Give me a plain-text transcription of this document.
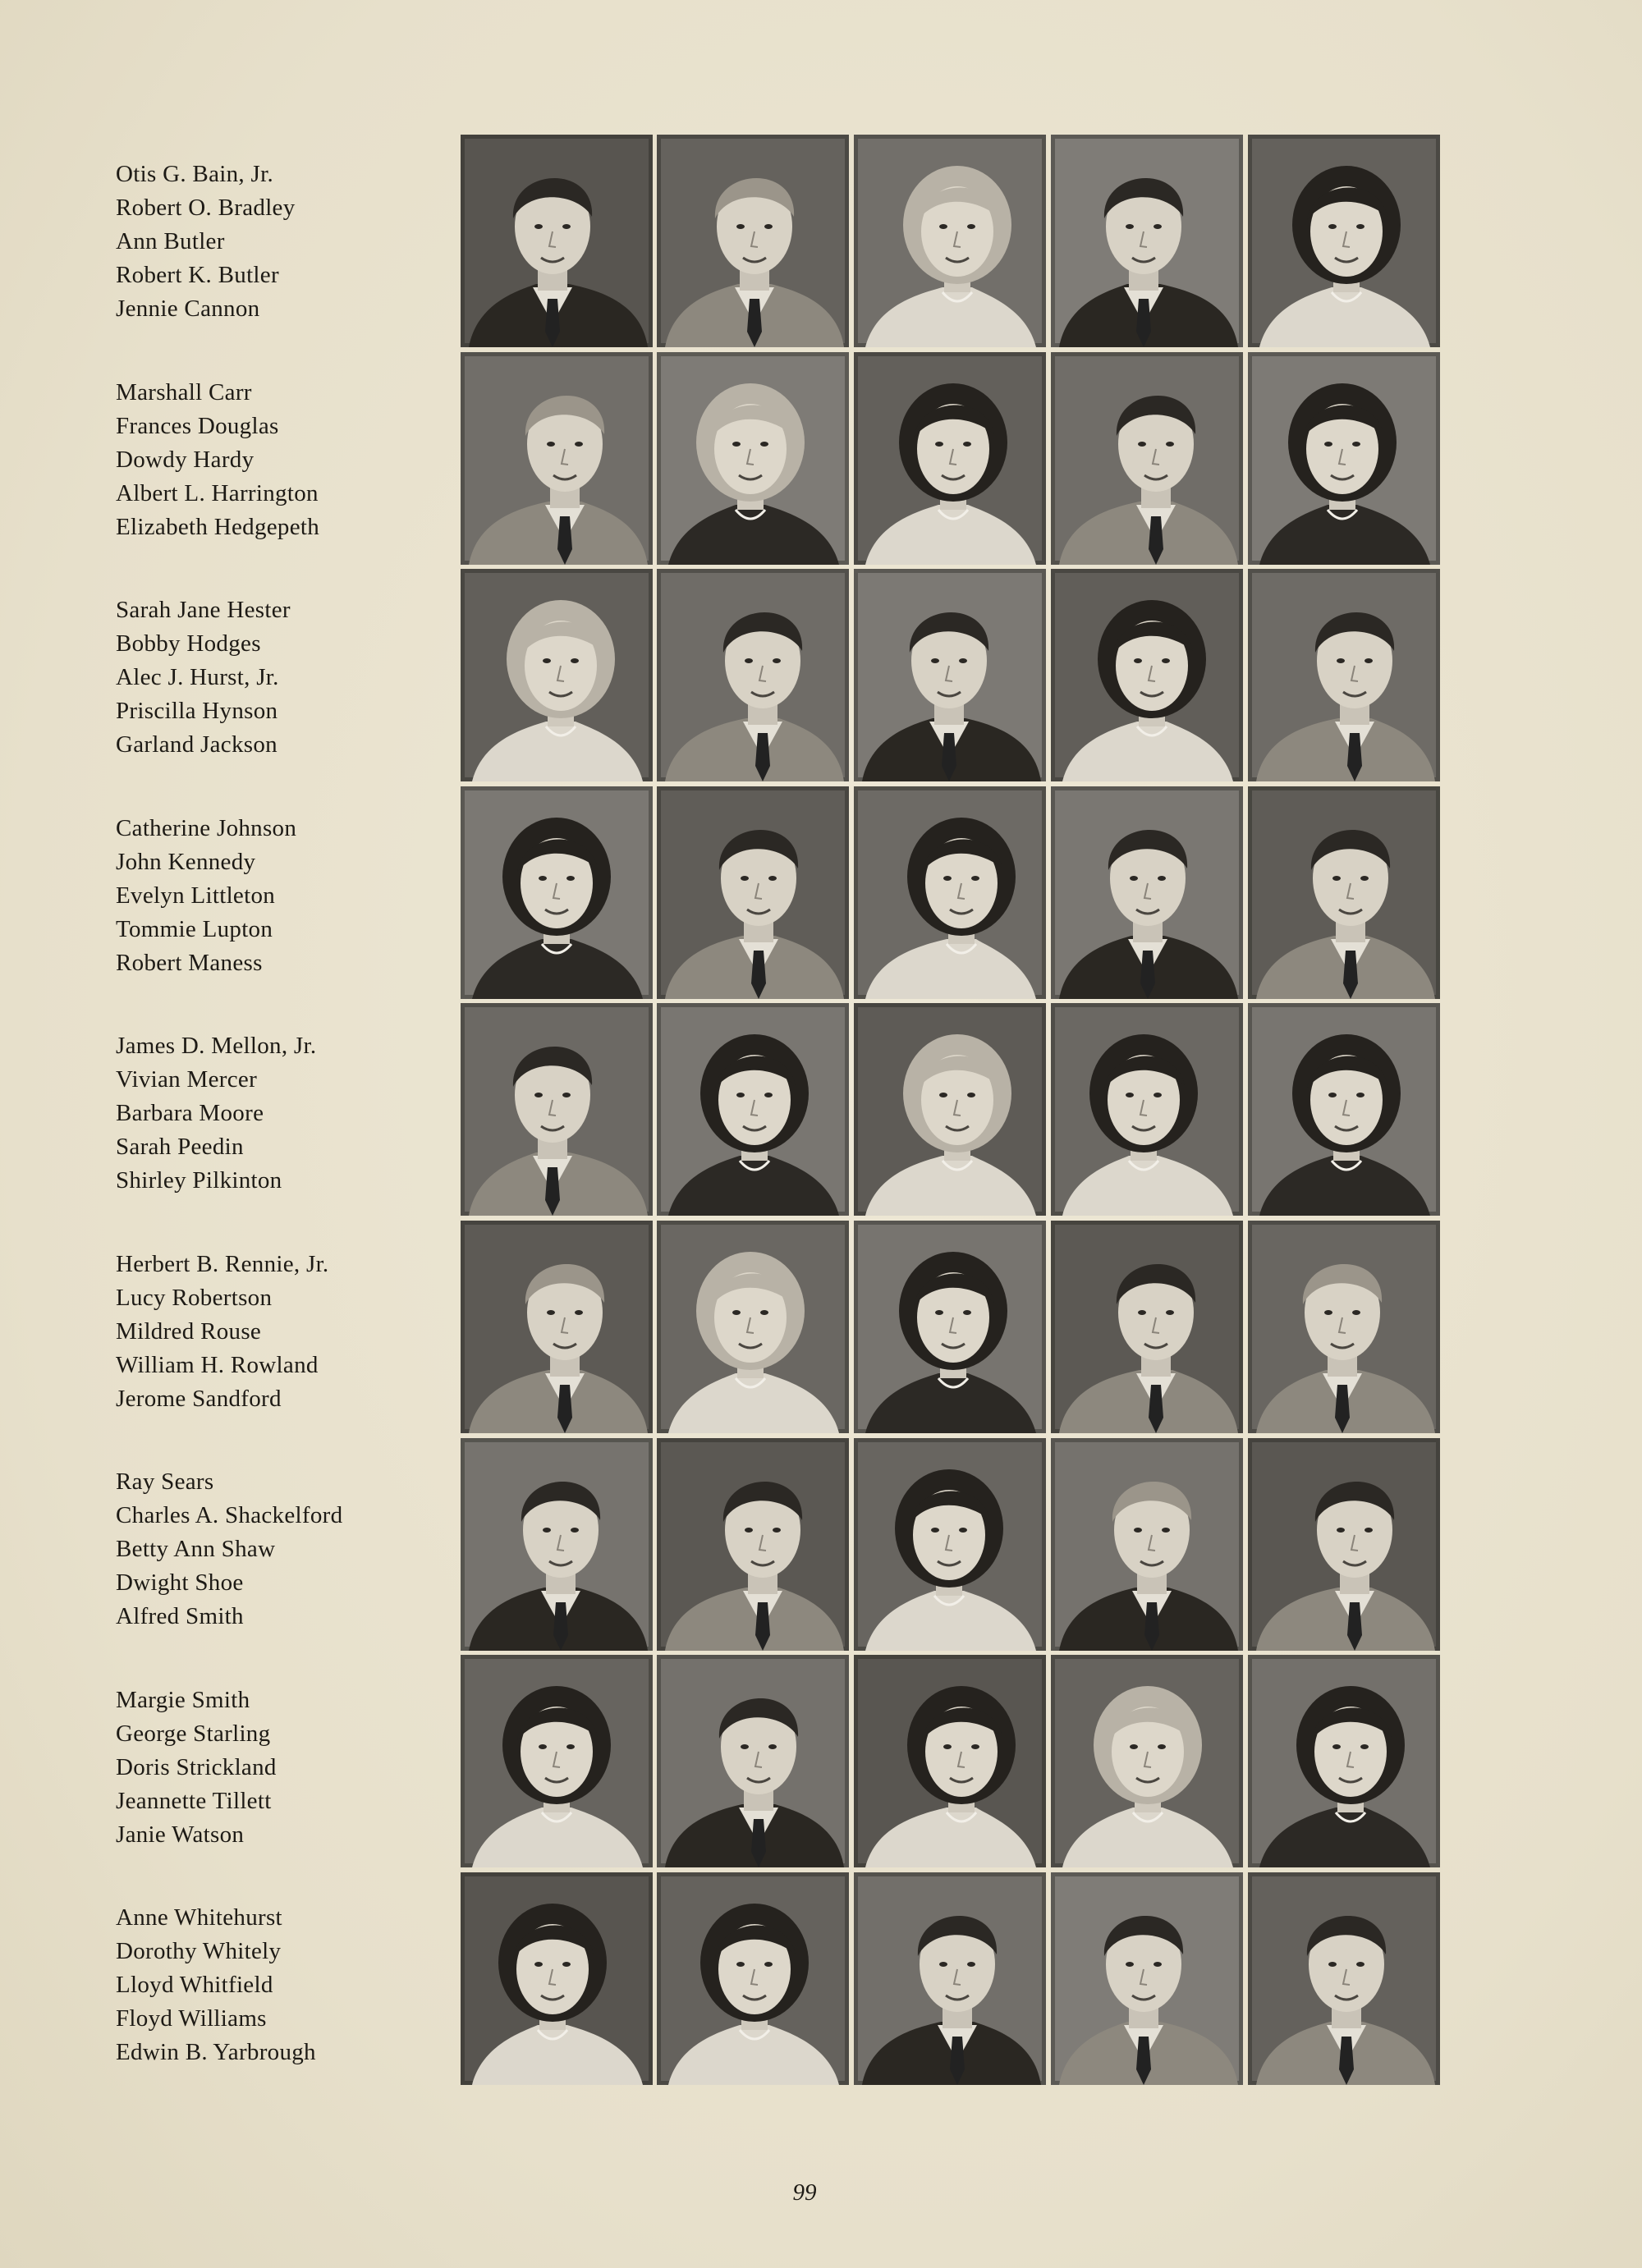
Otis G. Bain, Jr.
Robert O. Bradley
Ann Butler
Robert K. Butler
Jennie Cannon
Marshall Carr
Frances Douglas
Dowdy Hardy
Albert L. Harrington
Elizabeth Hedgepeth
Sarah Jane Hester
Bobby Hodges
Alec J. Hurst, Jr.
Priscilla Hynson
Garland Jackson
Catherine Johnson
John Kennedy
Evelyn Littleton
Tommie Lupton
Robert Maness
James D. Mellon, Jr.
Vivian Mercer
Barbara Moore
Sarah Peedin
Shirley Pilkinton
Herbert B. Rennie, Jr.
Lucy Robertson
Mildred Rouse
William H. Rowland
Jerome Sandford
Ray Sears
Charles A. Shackelford
Betty Ann Shaw
Dwight Shoe
Alfred Smith
Margie Smith
George Starling
Doris Strickland
Jeannette Tillett
Janie Watson
Anne Whitehurst
Dorothy Whitely
Lloyd Whitfield
Floyd Williams
Edwin B. Yarbrough
99
